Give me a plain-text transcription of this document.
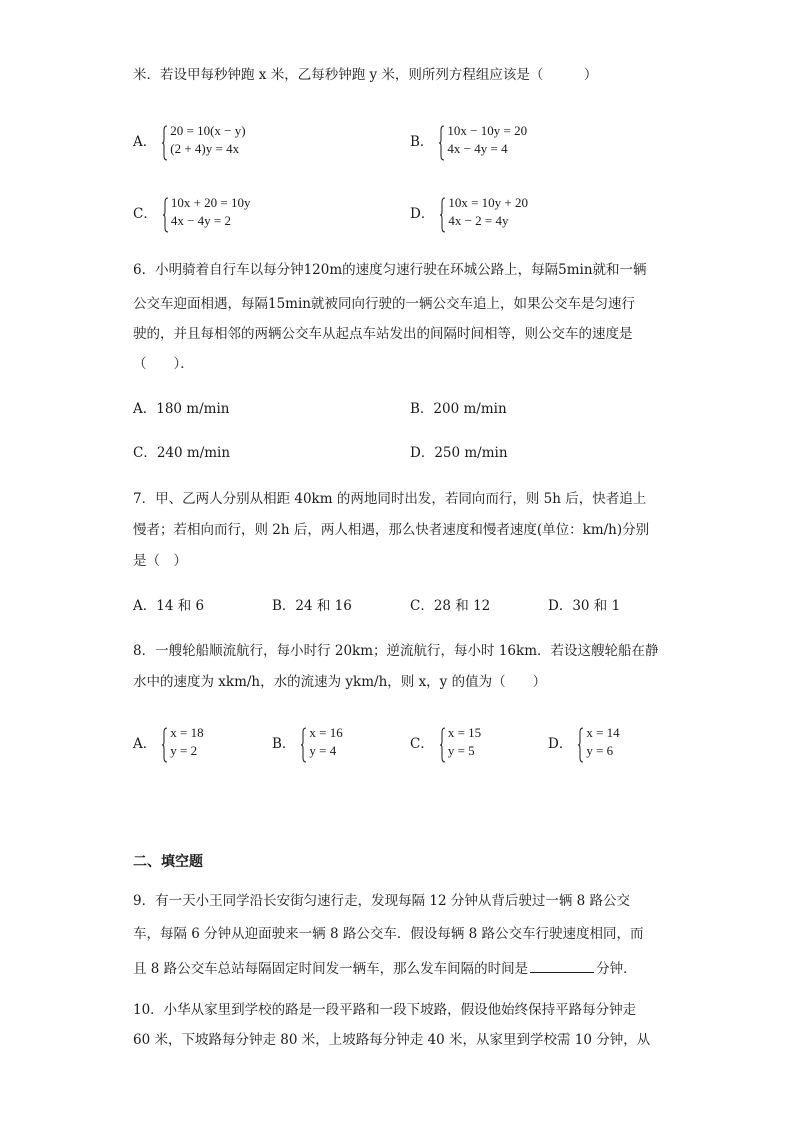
米．若设甲每秒钟跑 x 米，乙每秒钟跑 y 米，则所列方程组应该是（　　　）
A．
20 = 10(x − y)
(2 + 4)y = 4x	B．
10x − 10y = 20
4x − 4y = 4
C．
10x + 20 = 10y
4x − 4y = 2	D．
10x = 10y + 20
4x − 2 = 4y
6．小明骑着自行车以每分钟120m的速度匀速行驶在环城公路上，每隔5min就和一辆
公交车迎面相遇，每隔15min就被同向行驶的一辆公交车追上，如果公交车是匀速行
驶的，并且每相邻的两辆公交车从起点车站发出的间隔时间相等，则公交车的速度是
（　　）．
A．180 m/min	B．200 m/min
C．240 m/min	D．250 m/min
7．甲、乙两人分别从相距 40km 的两地同时出发，若同向而行，则 5h 后，快者追上
慢者；若相向而行，则 2h 后，两人相遇，那么快者速度和慢者速度(单位：km/h)分别
是（　）
A．14 和 6	B．24 和 16	C．28 和 12	D．30 和 1
8．一艘轮船顺流航行，每小时行 20km；逆流航行，每小时 16km．若设这艘轮船在静
水中的速度为 xkm/h，水的流速为 ykm/h，则 x，y 的值为（　　）
A．
x = 18
y = 2	B．
x = 16
y = 4	C．
x = 15
y = 5	D．
x = 14
y = 6
二、填空题
9．有一天小王同学沿长安街匀速行走，发现每隔 12 分钟从背后驶过一辆 8 路公交
车，每隔 6 分钟从迎面驶来一辆 8 路公交车．假设每辆 8 路公交车行驶速度相同，而
且 8 路公交车总站每隔固定时间发一辆车，那么发车间隔的时间是	分钟．
10．小华从家里到学校的路是一段平路和一段下坡路，假设他始终保持平路每分钟走
60 米，下坡路每分钟走 80 米，上坡路每分钟走 40 米，从家里到学校需 10 分钟，从
